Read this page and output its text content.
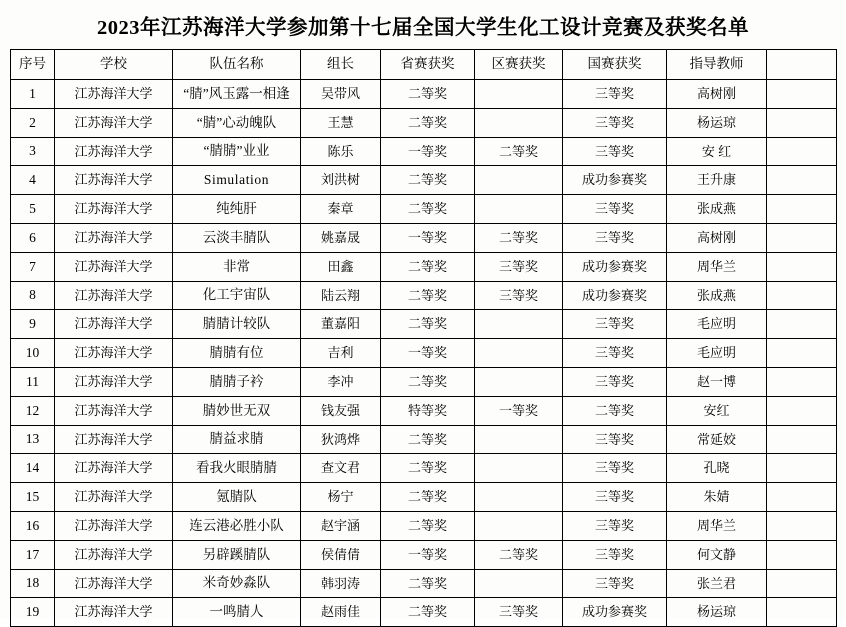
2023年江苏海洋大学参加第十七届全国大学生化工设计竞赛及获奖名单
序号	学校	队伍名称	组长	省赛获奖	区赛获奖	国赛获奖	指导教师	
1	江苏海洋大学	“腈”风玉露一相逢	吴带风	二等奖		三等奖	高树刚	
2	江苏海洋大学	“腈”心动魄队	王慧	二等奖		三等奖	杨运琼	
3	江苏海洋大学	“腈腈”业业	陈乐	一等奖	二等奖	三等奖	安 红	
4	江苏海洋大学	Simulation	刘洪树	二等奖		成功参赛奖	王升康	
5	江苏海洋大学	纯纯肝	秦章	二等奖		三等奖	张成燕	
6	江苏海洋大学	云淡丰腈队	姚嘉晟	一等奖	二等奖	三等奖	高树刚	
7	江苏海洋大学	非常	田鑫	二等奖	三等奖	成功参赛奖	周华兰	
8	江苏海洋大学	化工宇宙队	陆云翔	二等奖	三等奖	成功参赛奖	张成燕	
9	江苏海洋大学	腈腈计较队	董嘉阳	二等奖		三等奖	毛应明	
10	江苏海洋大学	腈腈有位	吉利	一等奖		三等奖	毛应明	
11	江苏海洋大学	腈腈子衿	李冲	二等奖		三等奖	赵一博	
12	江苏海洋大学	腈妙世无双	钱友强	特等奖	一等奖	二等奖	安红	
13	江苏海洋大学	腈益求腈	狄鸿烨	二等奖		三等奖	常延姣	
14	江苏海洋大学	看我火眼腈腈	查文君	二等奖		三等奖	孔晓	
15	江苏海洋大学	氪腈队	杨宁	二等奖		三等奖	朱婧	
16	江苏海洋大学	连云港必胜小队	赵宇涵	二等奖		三等奖	周华兰	
17	江苏海洋大学	另辟蹊腈队	侯倩倩	一等奖	二等奖	三等奖	何文静	
18	江苏海洋大学	米奇妙淼队	韩羽涛	二等奖		三等奖	张兰君	
19	江苏海洋大学	一鸣腈人	赵雨佳	二等奖	三等奖	成功参赛奖	杨运琼	
